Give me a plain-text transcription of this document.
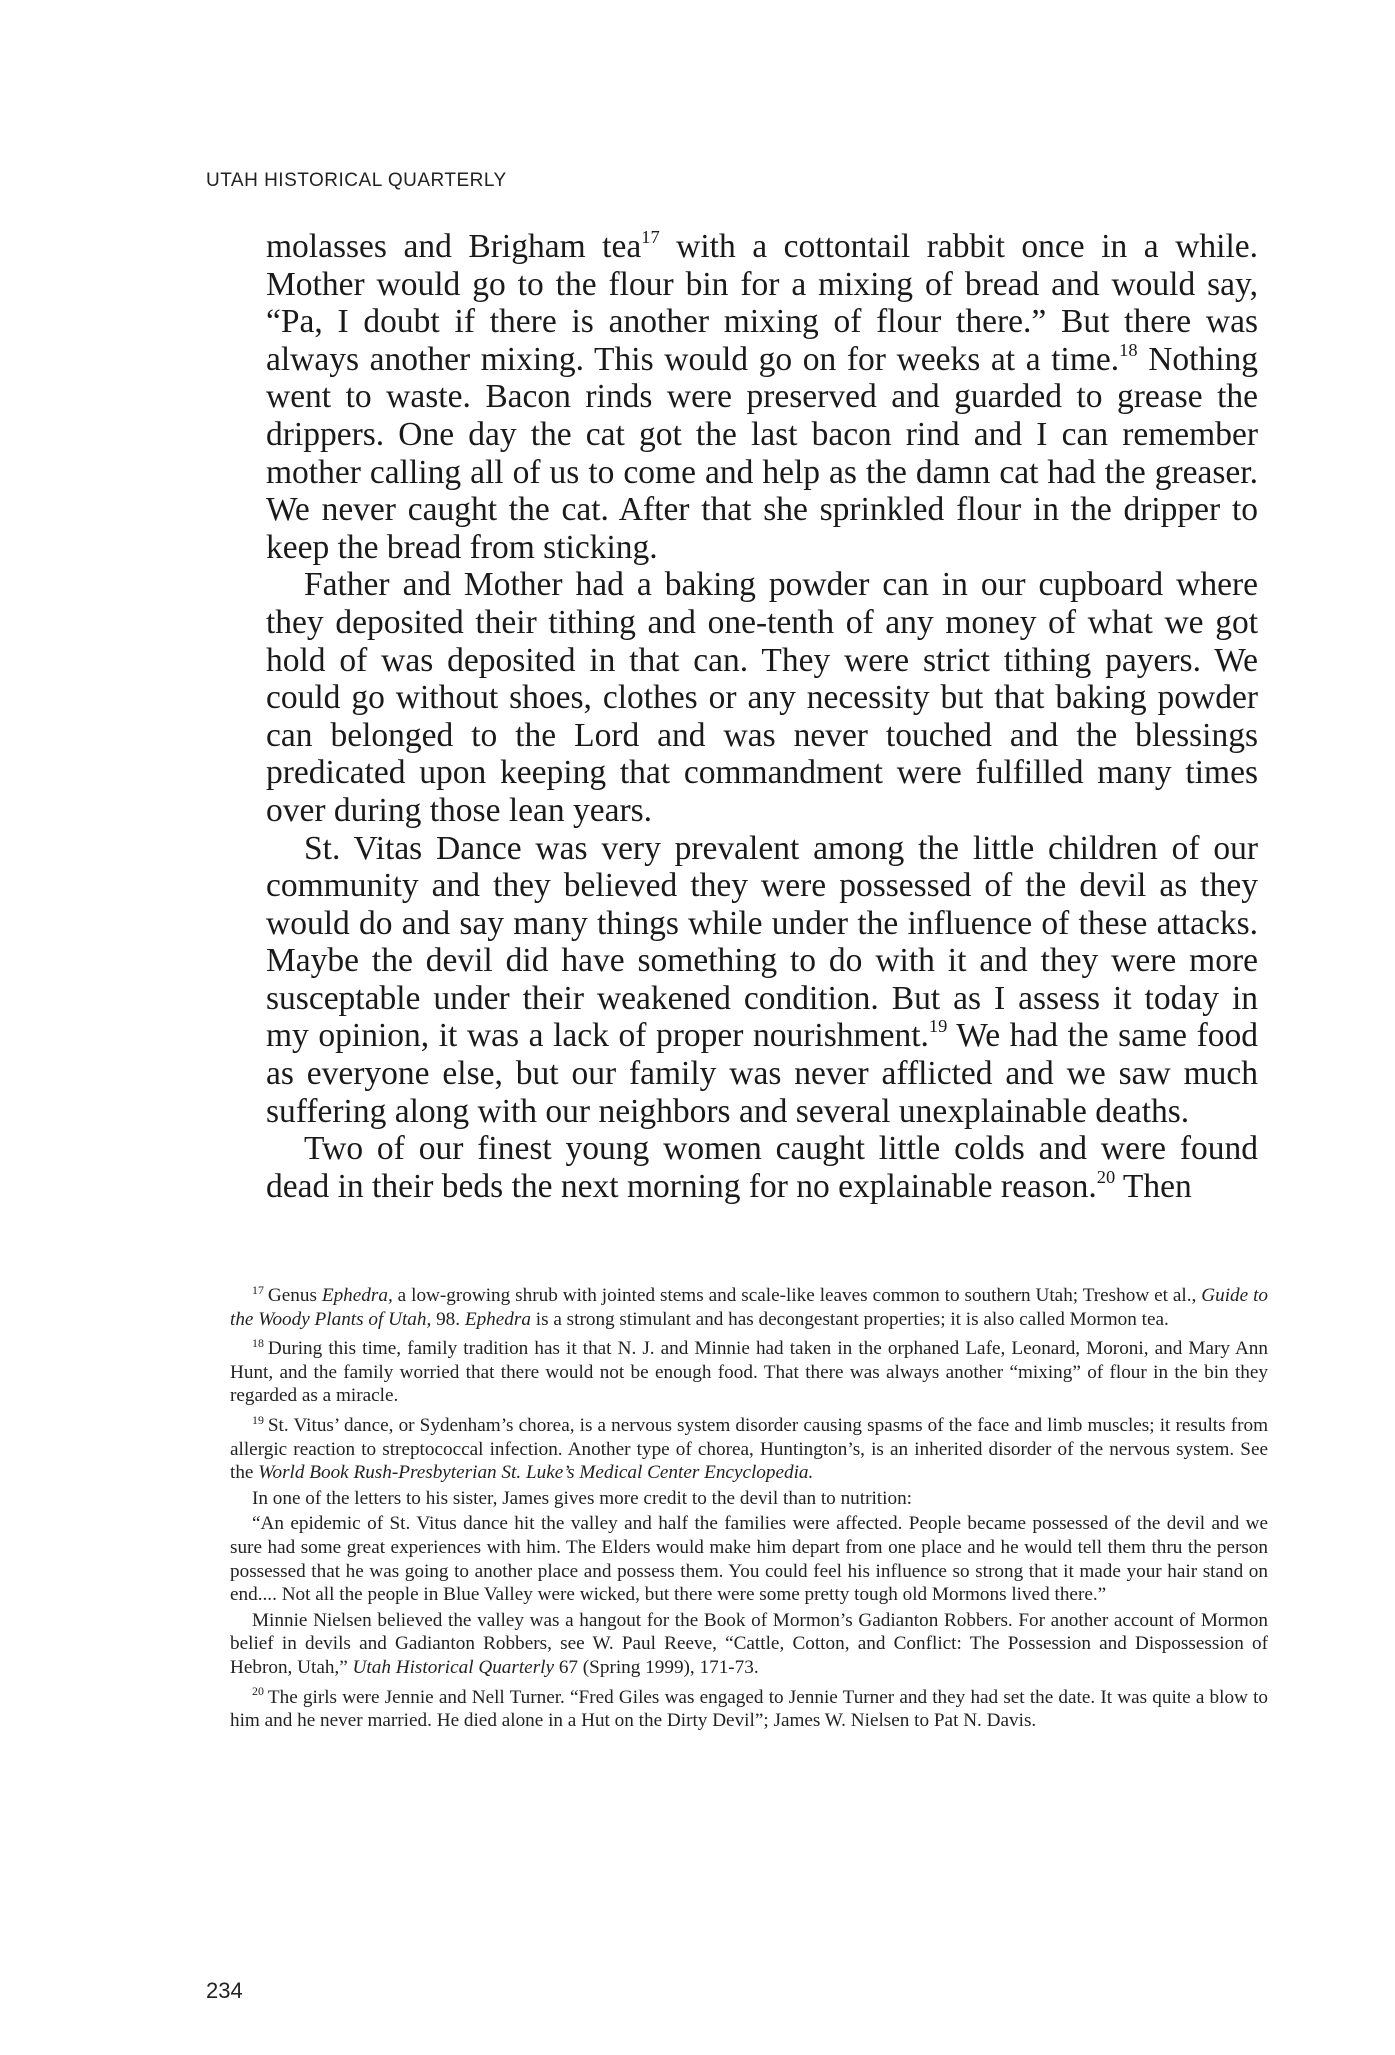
UTAH HISTORICAL QUARTERLY

molasses and Brigham tea$^{17}$ with a cottontail rabbit once in a while. Mother would go to the flour bin for a mixing of bread and would say, “Pa, I doubt if there is another mixing of flour there.” But there was always another mixing. This would go on for weeks at a time.$^{18}$ Nothing went to waste. Bacon rinds were preserved and guarded to grease the drippers. One day the cat got the last bacon rind and I can remember mother calling all of us to come and help as the damn cat had the greaser. We never caught the cat. After that she sprinkled flour in the dripper to keep the bread from sticking.

Father and Mother had a baking powder can in our cupboard where they deposited their tithing and one-tenth of any money of what we got hold of was deposited in that can. They were strict tithing payers. We could go without shoes, clothes or any necessity but that baking powder can belonged to the Lord and was never touched and the blessings predicated upon keeping that commandment were fulfilled many times over during those lean years.

St. Vitas Dance was very prevalent among the little children of our community and they believed they were possessed of the devil as they would do and say many things while under the influence of these attacks. Maybe the devil did have something to do with it and they were more susceptable under their weakened condition. But as I assess it today in my opinion, it was a lack of proper nourishment.$^{19}$ We had the same food as everyone else, but our family was never afflicted and we saw much suffering along with our neighbors and several unexplainable deaths.

Two of our finest young women caught little colds and were found dead in their beds the next morning for no explainable reason.$^{20}$ Then

$^{17}$ Genus Ephedra, a low-growing shrub with jointed stems and scale-like leaves common to southern Utah; Treshow et al., Guide to the Woody Plants of Utah, 98. Ephedra is a strong stimulant and has decongestant properties; it is also called Mormon tea.

$^{18}$ During this time, family tradition has it that N. J. and Minnie had taken in the orphaned Lafe, Leonard, Moroni, and Mary Ann Hunt, and the family worried that there would not be enough food. That there was always another “mixing” of flour in the bin they regarded as a miracle.

$^{19}$ St. Vitus’ dance, or Sydenham’s chorea, is a nervous system disorder causing spasms of the face and limb muscles; it results from allergic reaction to streptococcal infection. Another type of chorea, Huntington’s, is an inherited disorder of the nervous system. See the World Book Rush-Presbyterian St. Luke’s Medical Center Encyclopedia.

In one of the letters to his sister, James gives more credit to the devil than to nutrition:

“An epidemic of St. Vitus dance hit the valley and half the families were affected. People became possessed of the devil and we sure had some great experiences with him. The Elders would make him depart from one place and he would tell them thru the person possessed that he was going to another place and possess them. You could feel his influence so strong that it made your hair stand on end.... Not all the people in Blue Valley were wicked, but there were some pretty tough old Mormons lived there.”

Minnie Nielsen believed the valley was a hangout for the Book of Mormon’s Gadianton Robbers. For another account of Mormon belief in devils and Gadianton Robbers, see W. Paul Reeve, “Cattle, Cotton, and Conflict: The Possession and Dispossession of Hebron, Utah,” Utah Historical Quarterly 67 (Spring 1999), 171-73.

$^{20}$ The girls were Jennie and Nell Turner. “Fred Giles was engaged to Jennie Turner and they had set the date. It was quite a blow to him and he never married. He died alone in a Hut on the Dirty Devil”; James W. Nielsen to Pat N. Davis.

234
